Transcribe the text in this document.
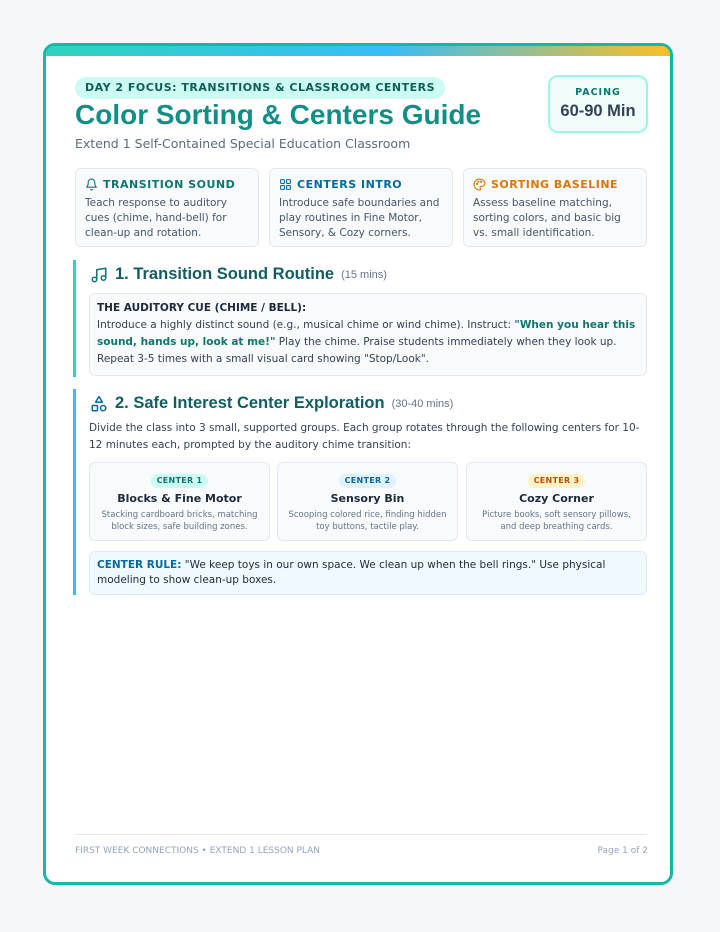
DAY 2 FOCUS: TRANSITIONS & CLASSROOM CENTERS
Color Sorting & Centers Guide
Extend 1 Self-Contained Special Education Classroom
PACING
60-90 Min
TRANSITION SOUND
Teach response to auditory cues (chime, hand-bell) for clean-up and rotation.
CENTERS INTRO
Introduce safe boundaries and play routines in Fine Motor, Sensory, & Cozy corners.
SORTING BASELINE
Assess baseline matching, sorting colors, and basic big vs. small identification.
1. Transition Sound Routine (15 mins)
THE AUDITORY CUE (CHIME / BELL):
Introduce a highly distinct sound (e.g., musical chime or wind chime). Instruct: "When you hear this sound, hands up, look at me!" Play the chime. Praise students immediately when they look up. Repeat 3-5 times with a small visual card showing "Stop/Look".
2. Safe Interest Center Exploration (30-40 mins)
Divide the class into 3 small, supported groups. Each group rotates through the following centers for 10-12 minutes each, prompted by the auditory chime transition:
CENTER 1
Blocks & Fine Motor
Stacking cardboard bricks, matching block sizes, safe building zones.
CENTER 2
Sensory Bin
Scooping colored rice, finding hidden toy buttons, tactile play.
CENTER 3
Cozy Corner
Picture books, soft sensory pillows, and deep breathing cards.
CENTER RULE: "We keep toys in our own space. We clean up when the bell rings." Use physical modeling to show clean-up boxes.
FIRST WEEK CONNECTIONS • EXTEND 1 LESSON PLAN	Page 1 of 2
